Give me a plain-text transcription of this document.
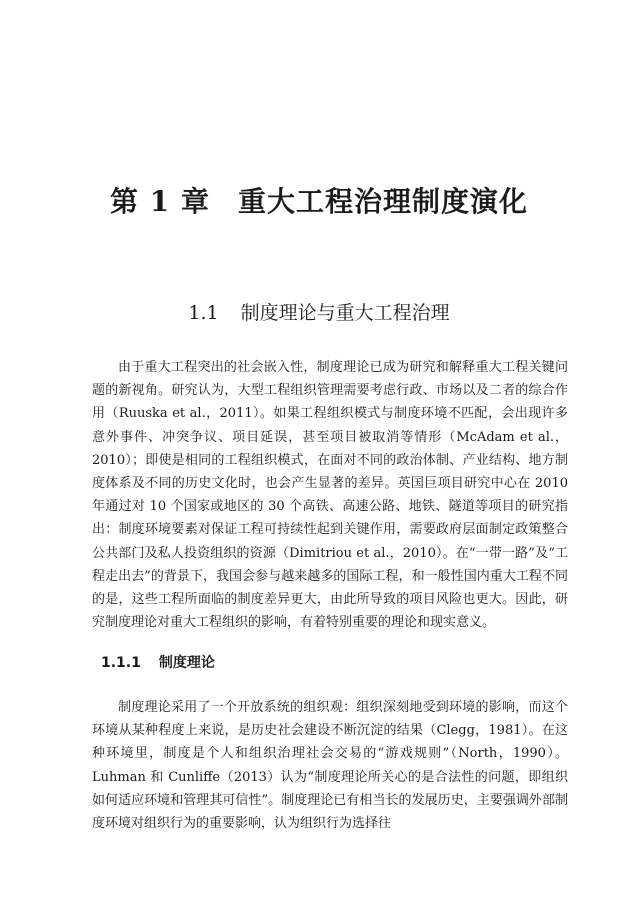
第 1 章 重大工程治理制度演化
1.1 制度理论与重大工程治理

由于重大工程突出的社会嵌入性，制度理论已成为研究和解释重大工程关键问题的新视角。研究认为，大型工程组织管理需要考虑行政、市场以及二者的综合作用（Ruuska et al.，2011）。如果工程组织模式与制度环境不匹配，会出现许多意外事件、冲突争议、项目延误，甚至项目被取消等情形（McAdam et al.，2010）；即使是相同的工程组织模式，在面对不同的政治体制、产业结构、地方制度体系及不同的历史文化时，也会产生显著的差异。英国巨项目研究中心在 2010 年通过对 10 个国家或地区的 30 个高铁、高速公路、地铁、隧道等项目的研究指出：制度环境要素对保证工程可持续性起到关键作用，需要政府层面制定政策整合公共部门及私人投资组织的资源（Dimitriou et al.，2010）。在“一带一路”及“工程走出去”的背景下，我国会参与越来越多的国际工程，和一般性国内重大工程不同的是，这些工程所面临的制度差异更大，由此所导致的项目风险也更大。因此，研究制度理论对重大工程组织的影响，有着特别重要的理论和现实意义。

1.1.1 制度理论

制度理论采用了一个开放系统的组织观：组织深刻地受到环境的影响，而这个环境从某种程度上来说，是历史社会建设不断沉淀的结果（Clegg，1981）。在这种环境里，制度是个人和组织治理社会交易的“游戏规则”（North，1990）。Luhman 和 Cunliffe（2013）认为“制度理论所关心的是合法性的问题，即组织如何适应环境和管理其可信性”。制度理论已有相当长的发展历史，主要强调外部制度环境对组织行为的重要影响，认为组织行为选择往
